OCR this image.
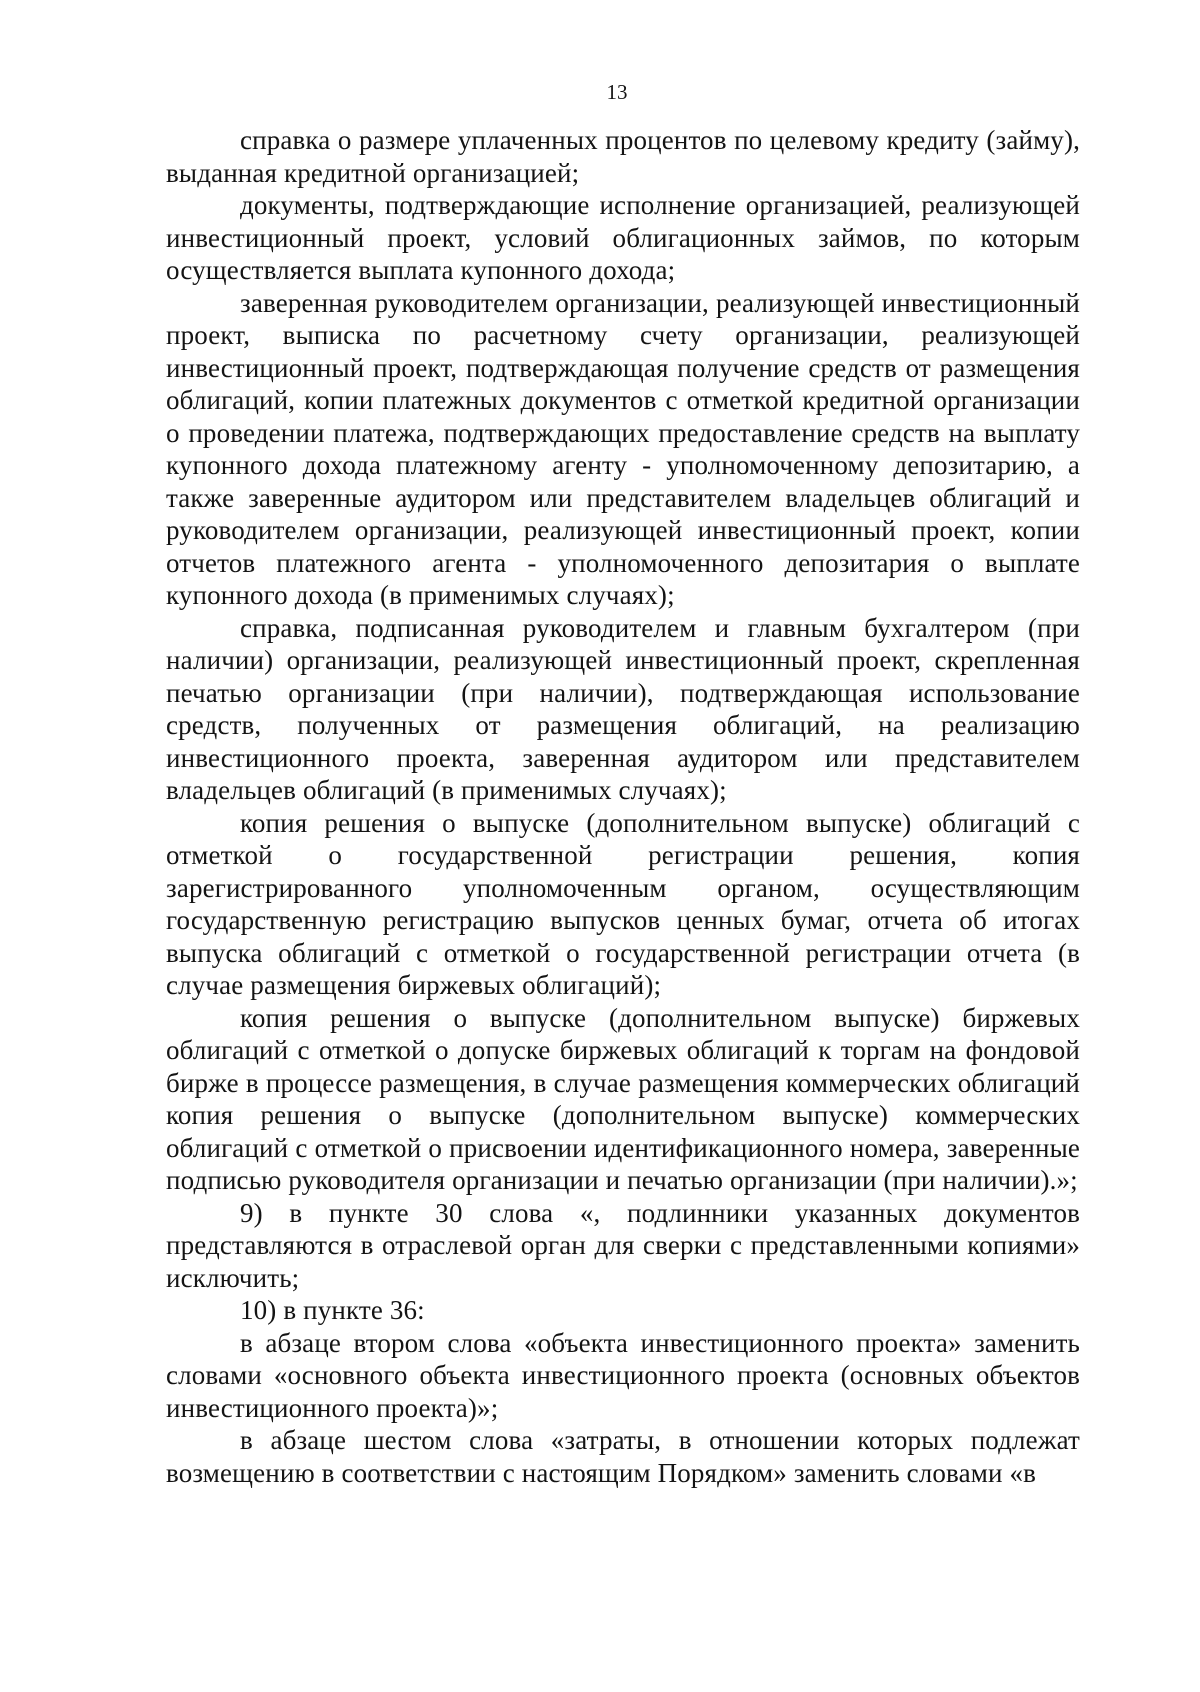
13

справка о размере уплаченных процентов по целевому кредиту (займу), выданная кредитной организацией;

документы, подтверждающие исполнение организацией, реализующей инвестиционный проект, условий облигационных займов, по которым осуществляется выплата купонного дохода;

заверенная руководителем организации, реализующей инвестиционный проект, выписка по расчетному счету организации, реализующей инвестиционный проект, подтверждающая получение средств от размещения облигаций, копии платежных документов с отметкой кредитной организации о проведении платежа, подтверждающих предоставление средств на выплату купонного дохода платежному агенту - уполномоченному депозитарию, а также заверенные аудитором или представителем владельцев облигаций и руководителем организации, реализующей инвестиционный проект, копии отчетов платежного агента - уполномоченного депозитария о выплате купонного дохода (в применимых случаях);

справка, подписанная руководителем и главным бухгалтером (при наличии) организации, реализующей инвестиционный проект, скрепленная печатью организации (при наличии), подтверждающая использование средств, полученных от размещения облигаций, на реализацию инвестиционного проекта, заверенная аудитором или представителем владельцев облигаций (в применимых случаях);

копия решения о выпуске (дополнительном выпуске) облигаций с отметкой о государственной регистрации решения, копия зарегистрированного уполномоченным органом, осуществляющим государственную регистрацию выпусков ценных бумаг, отчета об итогах выпуска облигаций с отметкой о государственной регистрации отчета (в случае размещения биржевых облигаций);

копия решения о выпуске (дополнительном выпуске) биржевых облигаций с отметкой о допуске биржевых облигаций к торгам на фондовой бирже в процессе размещения, в случае размещения коммерческих облигаций копия решения о выпуске (дополнительном выпуске) коммерческих облигаций с отметкой о присвоении идентификационного номера, заверенные подписью руководителя организации и печатью организации (при наличии).»;

9) в пункте 30 слова «, подлинники указанных документов представляются в отраслевой орган для сверки с представленными копиями» исключить;

10) в пункте 36:

в абзаце втором слова «объекта инвестиционного проекта» заменить словами «основного объекта инвестиционного проекта (основных объектов инвестиционного проекта)»;

в абзаце шестом слова «затраты, в отношении которых подлежат возмещению в соответствии с настоящим Порядком» заменить словами «в
